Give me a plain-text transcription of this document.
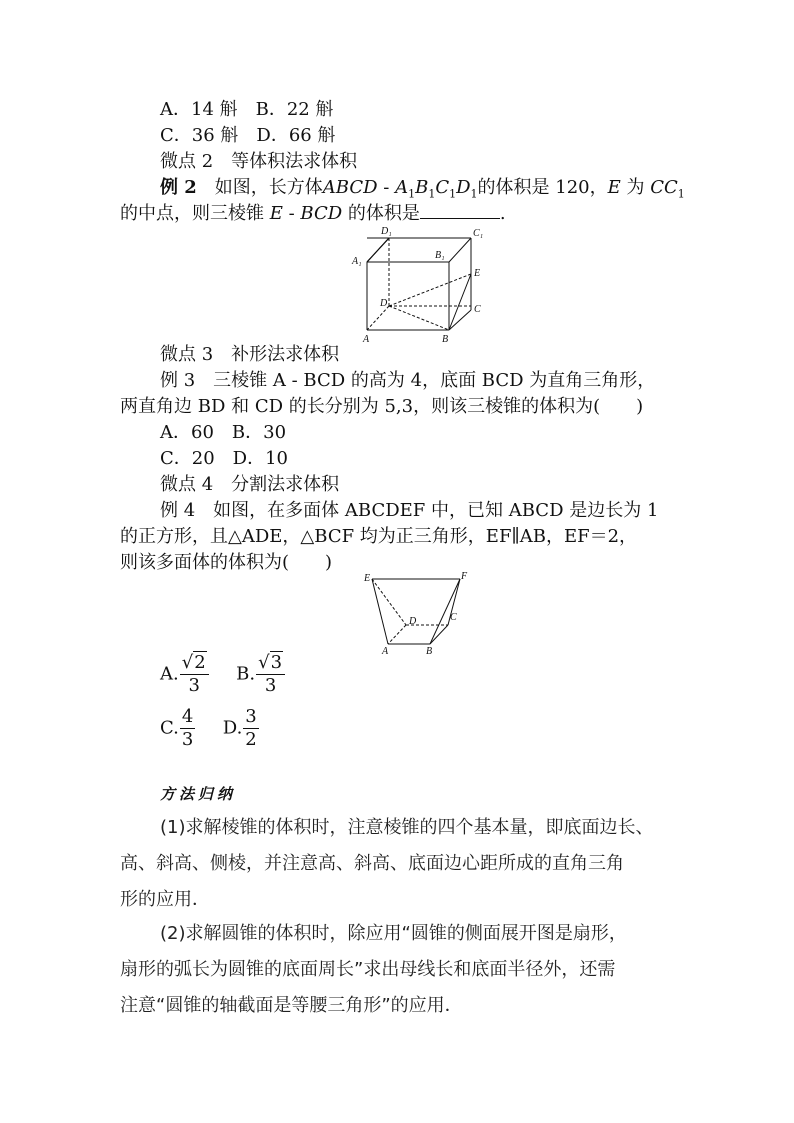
A．14 斛　B．22 斛
C．36 斛　D．66 斛
微点 2　等体积法求体积
例 2　如图，长方体ABCD - $A_1B_1C_1D_1$的体积是 120，E 为 $CC_1$
的中点，则三棱锥 E - BCD 的体积是	.
D₁	C₁
A₁
B₁
E
D
C
A	B
微点 3　补形法求体积
例 3　三棱锥 A - BCD 的高为 4，底面 BCD 为直角三角形，
两直角边 BD 和 CD 的长分别为 5,3，则该三棱锥的体积为(　　)
A．60　B．30
C．20　D．10
微点 4　分割法求体积
例 4　如图，在多面体 ABCDEF 中，已知 ABCD 是边长为 1
的正方形，且△ADE，△BCF 均为正三角形，EF∥AB，EF＝2，
则该多面体的体积为(　　)
E	F
D	C
A	B
A. $\frac{√2}{3} B$. $\frac{√3}{3}$
C. $\frac{4}{3} D$. $\frac{3}{2}$
方法归纳
(1)求解棱锥的体积时，注意棱锥的四个基本量，即底面边长、
高、斜高、侧棱，并注意高、斜高、底面边心距所成的直角三角
形的应用．
(2)求解圆锥的体积时，除应用“圆锥的侧面展开图是扇形，
扇形的弧长为圆锥的底面周长”求出母线长和底面半径外，还需
注意“圆锥的轴截面是等腰三角形”的应用．
